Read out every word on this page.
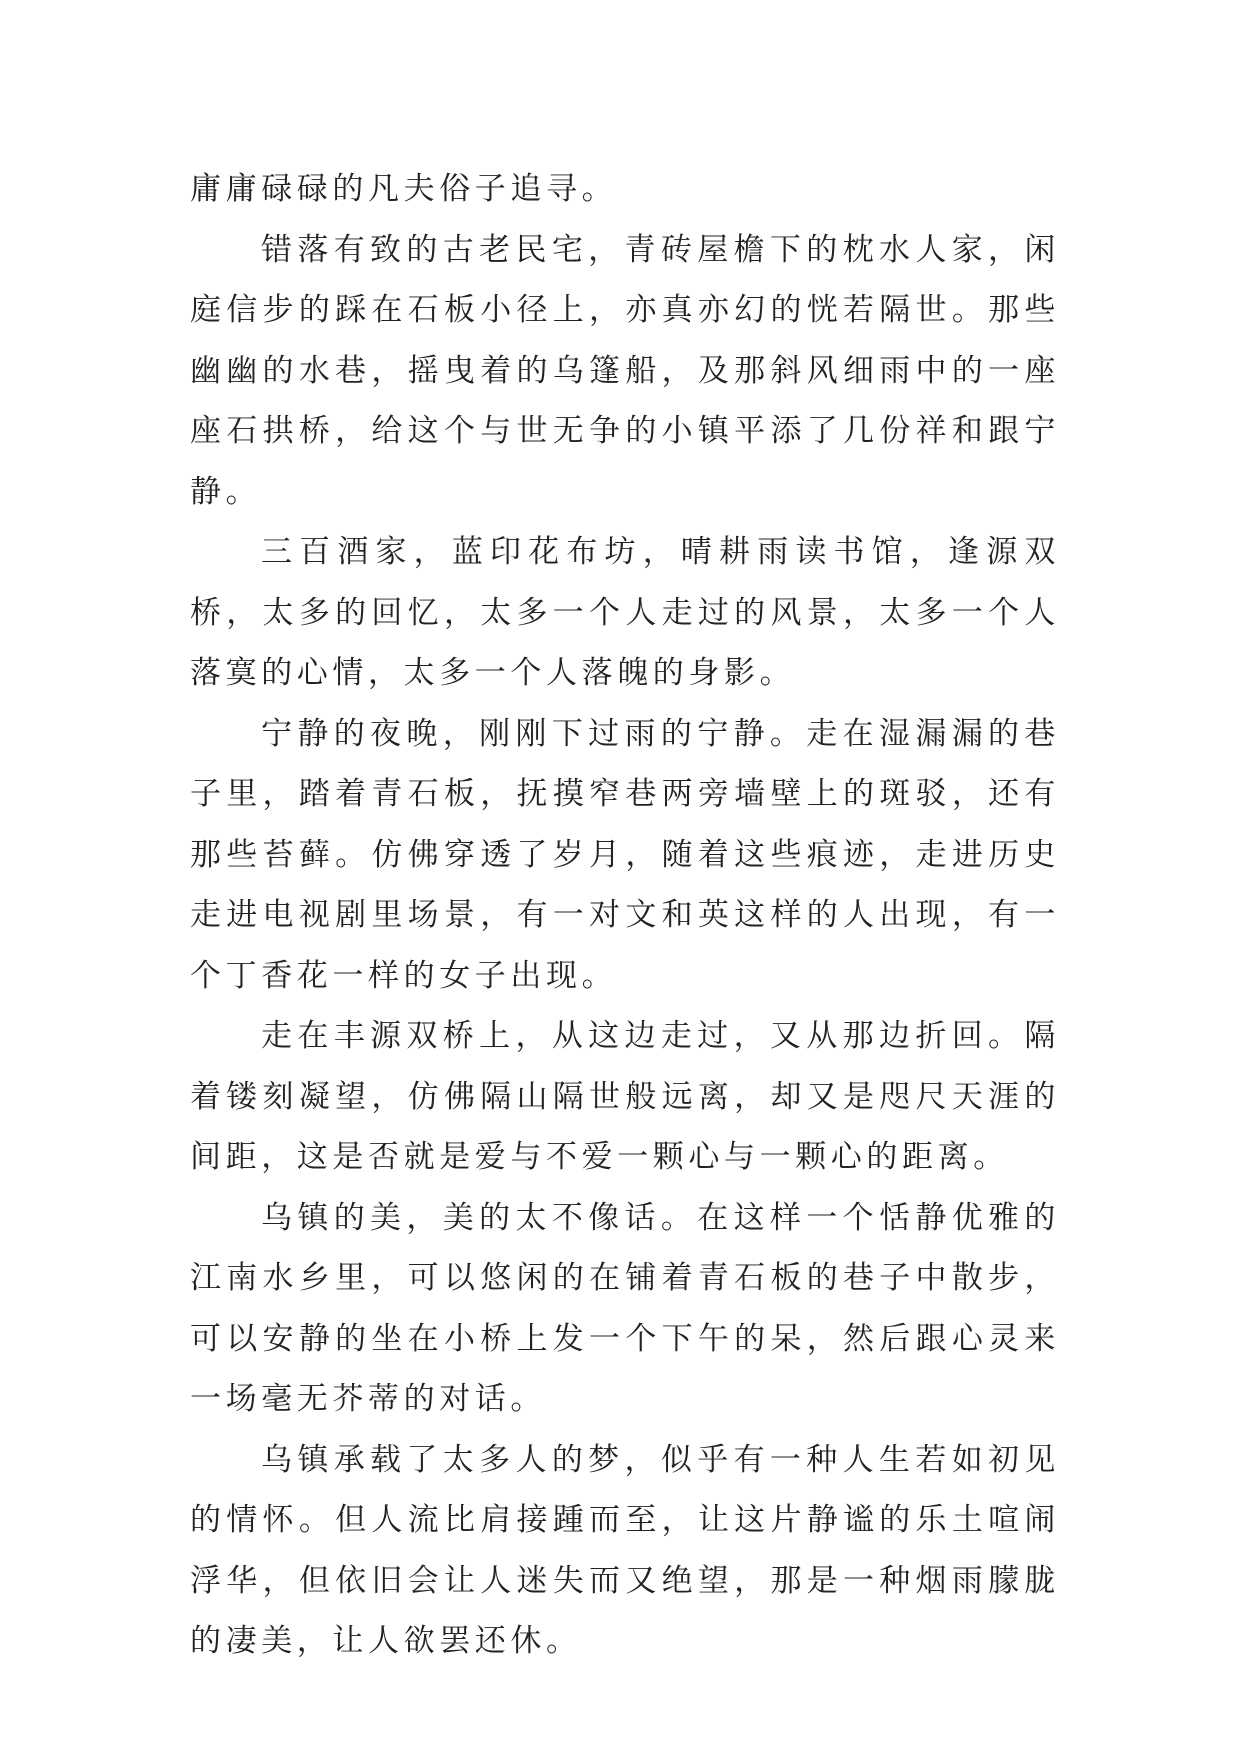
庸庸碌碌的凡夫俗子追寻。

错落有致的古老民宅，青砖屋檐下的枕水人家，闲庭信步的踩在石板小径上，亦真亦幻的恍若隔世。那些幽幽的水巷，摇曳着的乌篷船，及那斜风细雨中的一座座石拱桥，给这个与世无争的小镇平添了几份祥和跟宁静。

三百酒家，蓝印花布坊，晴耕雨读书馆，逢源双桥，太多的回忆，太多一个人走过的风景，太多一个人落寞的心情，太多一个人落魄的身影。

宁静的夜晚，刚刚下过雨的宁静。走在湿漏漏的巷子里，踏着青石板，抚摸窄巷两旁墙壁上的斑驳，还有那些苔藓。仿佛穿透了岁月，随着这些痕迹，走进历史走进电视剧里场景，有一对文和英这样的人出现，有一个丁香花一样的女子出现。

走在丰源双桥上，从这边走过，又从那边折回。隔着镂刻凝望，仿佛隔山隔世般远离，却又是咫尺天涯的间距，这是否就是爱与不爱一颗心与一颗心的距离。

乌镇的美，美的太不像话。在这样一个恬静优雅的江南水乡里，可以悠闲的在铺着青石板的巷子中散步，可以安静的坐在小桥上发一个下午的呆，然后跟心灵来一场毫无芥蒂的对话。

乌镇承载了太多人的梦，似乎有一种人生若如初见的情怀。但人流比肩接踵而至，让这片静谧的乐土喧闹浮华，但依旧会让人迷失而又绝望，那是一种烟雨朦胧的凄美，让人欲罢还休。
